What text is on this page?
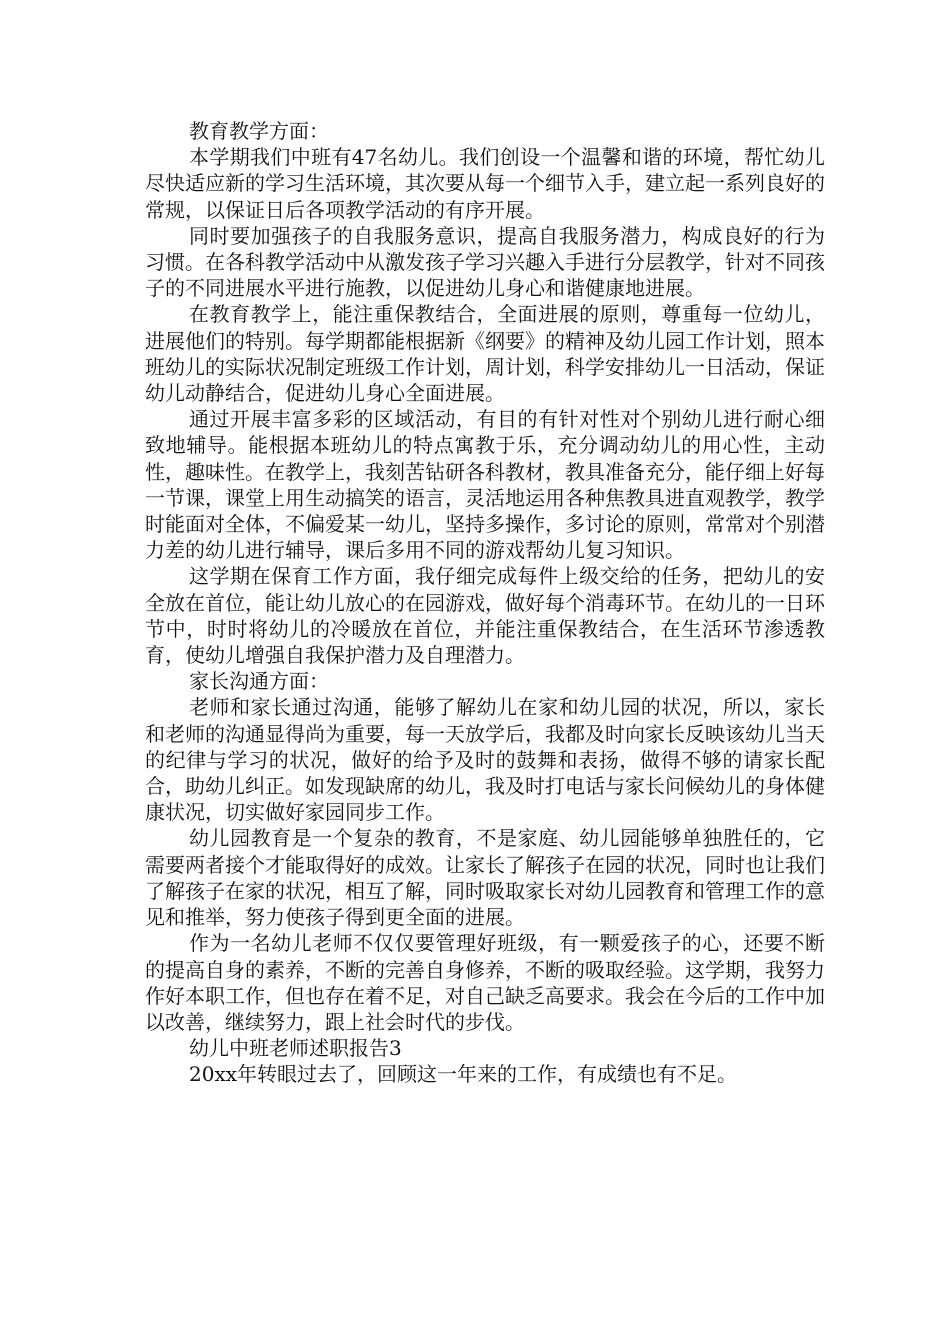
教育教学方面：

本学期我们中班有47名幼儿。我们创设一个温馨和谐的环境，帮忙幼儿尽快适应新的学习生活环境，其次要从每一个细节入手，建立起一系列良好的常规，以保证日后各项教学活动的有序开展。

同时要加强孩子的自我服务意识，提高自我服务潜力，构成良好的行为习惯。在各科教学活动中从激发孩子学习兴趣入手进行分层教学，针对不同孩子的不同进展水平进行施教，以促进幼儿身心和谐健康地进展。

在教育教学上，能注重保教结合，全面进展的原则，尊重每一位幼儿，进展他们的特别。每学期都能根据新《纲要》的精神及幼儿园工作计划，照本班幼儿的实际状况制定班级工作计划，周计划，科学安排幼儿一日活动，保证幼儿动静结合，促进幼儿身心全面进展。

通过开展丰富多彩的区域活动，有目的有针对性对个别幼儿进行耐心细致地辅导。能根据本班幼儿的特点寓教于乐，充分调动幼儿的用心性，主动性，趣味性。在教学上，我刻苦钻研各科教材，教具准备充分，能仔细上好每一节课，课堂上用生动搞笑的语言，灵活地运用各种焦教具进直观教学，教学时能面对全体，不偏爱某一幼儿，坚持多操作，多讨论的原则，常常对个别潜力差的幼儿进行辅导，课后多用不同的游戏帮幼儿复习知识。

这学期在保育工作方面，我仔细完成每件上级交给的任务，把幼儿的安全放在首位，能让幼儿放心的在园游戏，做好每个消毒环节。在幼儿的一日环节中，时时将幼儿的冷暖放在首位，并能注重保教结合，在生活环节渗透教育，使幼儿增强自我保护潜力及自理潜力。

家长沟通方面：

老师和家长通过沟通，能够了解幼儿在家和幼儿园的状况，所以，家长和老师的沟通显得尚为重要，每一天放学后，我都及时向家长反映该幼儿当天的纪律与学习的状况，做好的给予及时的鼓舞和表扬，做得不够的请家长配合，助幼儿纠正。如发现缺席的幼儿，我及时打电话与家长问候幼儿的身体健康状况，切实做好家园同步工作。

幼儿园教育是一个复杂的教育，不是家庭、幼儿园能够单独胜任的，它需要两者接个才能取得好的成效。让家长了解孩子在园的状况，同时也让我们了解孩子在家的状况，相互了解，同时吸取家长对幼儿园教育和管理工作的意见和推举，努力使孩子得到更全面的进展。

作为一名幼儿老师不仅仅要管理好班级，有一颗爱孩子的心，还要不断的提高自身的素养，不断的完善自身修养，不断的吸取经验。这学期，我努力作好本职工作，但也存在着不足，对自己缺乏高要求。我会在今后的工作中加以改善，继续努力，跟上社会时代的步伐。

幼儿中班老师述职报告3

20xx年转眼过去了，回顾这一年来的工作，有成绩也有不足。
